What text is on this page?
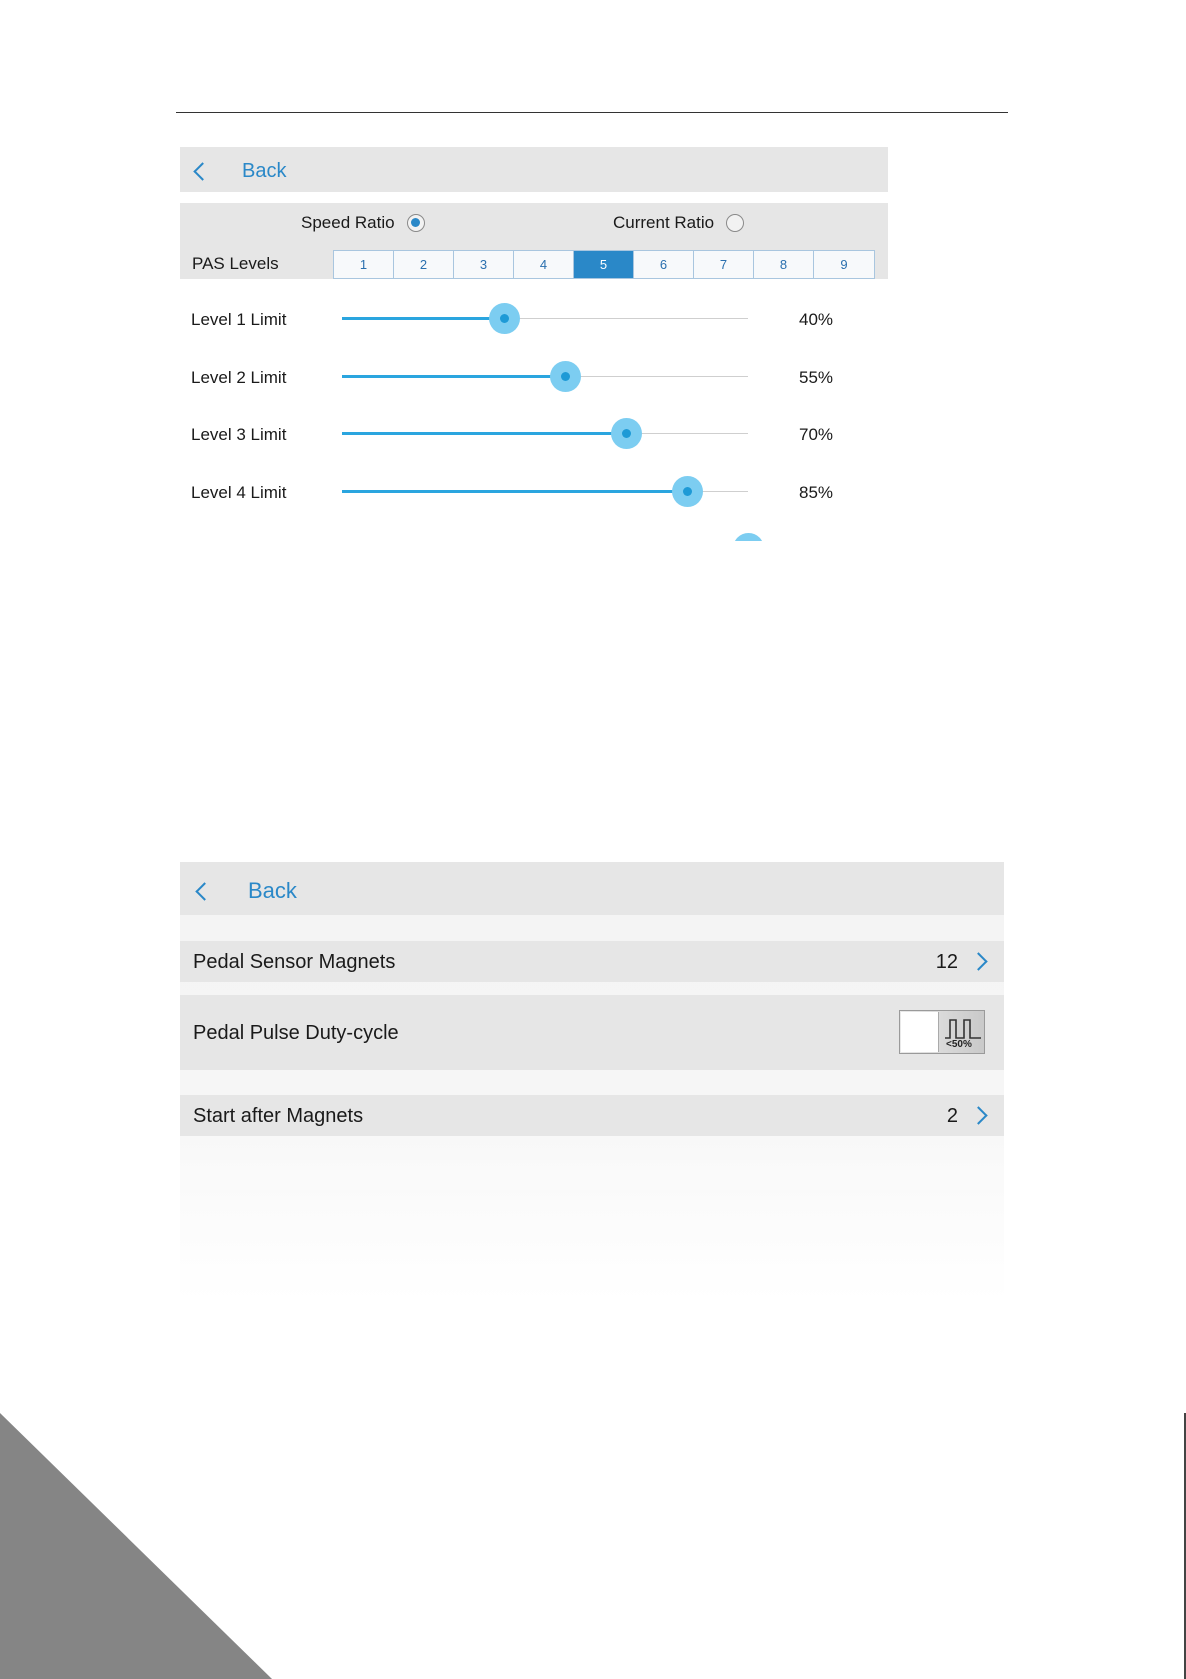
Back
Speed Ratio	Current Ratio
PAS Levels	1	2	3	4	5	6	7	8	9
Level 1 Limit	40%
Level 2 Limit	55%
Level 3 Limit	70%
Level 4 Limit	85%
Back
Pedal Sensor Magnets	12
Pedal Pulse Duty-cycle
<50%
Start after Magnets	2
